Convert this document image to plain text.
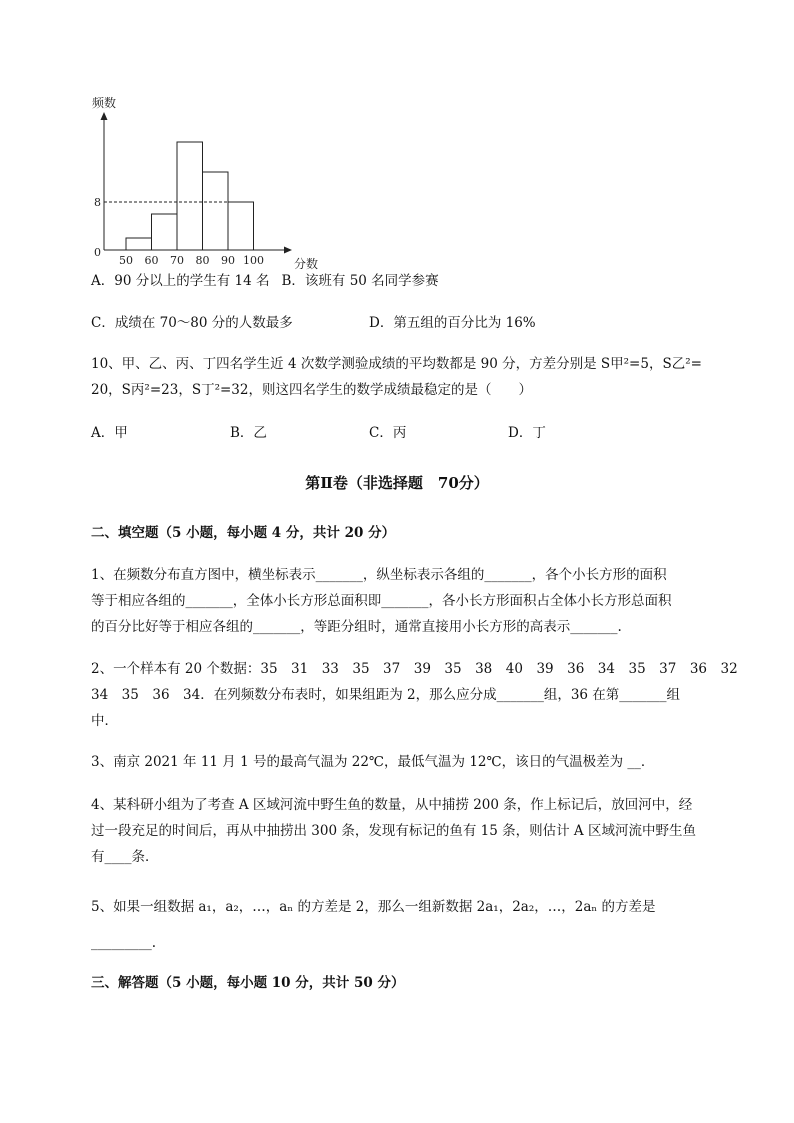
频数
分数
0
8
50 60 70 80 90 100
A．90 分以上的学生有 14 名 B．该班有 50 名同学参赛
C．成绩在 70～80 分的人数最多	D．第五组的百分比为 16%
10、甲、乙、丙、丁四名学生近 4 次数学测验成绩的平均数都是 90 分，方差分别是 S甲²=5，S乙²=
20，S丙²=23，S丁²=32，则这四名学生的数学成绩最稳定的是（　　）
A．甲	B．乙	C．丙	D．丁
第Ⅱ卷（非选择题　70分）
二、填空题（5 小题，每小题 4 分，共计 20 分）
1、在频数分布直方图中，横坐标表示_______，纵坐标表示各组的_______，各个小长方形的面积
等于相应各组的_______，全体小长方形总面积即_______，各小长方形面积占全体小长方形总面积
的百分比好等于相应各组的_______，等距分组时，通常直接用小长方形的高表示_______.
2、一个样本有 20 个数据：35　31　33　35　37　39　35　38　40　39　36　34　35　37　36　32
34　35　36　34．在列频数分布表时，如果组距为 2，那么应分成_______组，36 在第_______组
中．
3、南京 2021 年 11 月 1 号的最高气温为 22℃，最低气温为 12℃，该日的气温极差为 __．
4、某科研小组为了考查 A 区域河流中野生鱼的数量，从中捕捞 200 条，作上标记后，放回河中，经
过一段充足的时间后，再从中抽捞出 300 条，发现有标记的鱼有 15 条，则估计 A 区域河流中野生鱼
有____条．
5、如果一组数据 a₁，a₂，…，aₙ 的方差是 2，那么一组新数据 2a₁，2a₂，…，2aₙ 的方差是
_________.
三、解答题（5 小题，每小题 10 分，共计 50 分）
